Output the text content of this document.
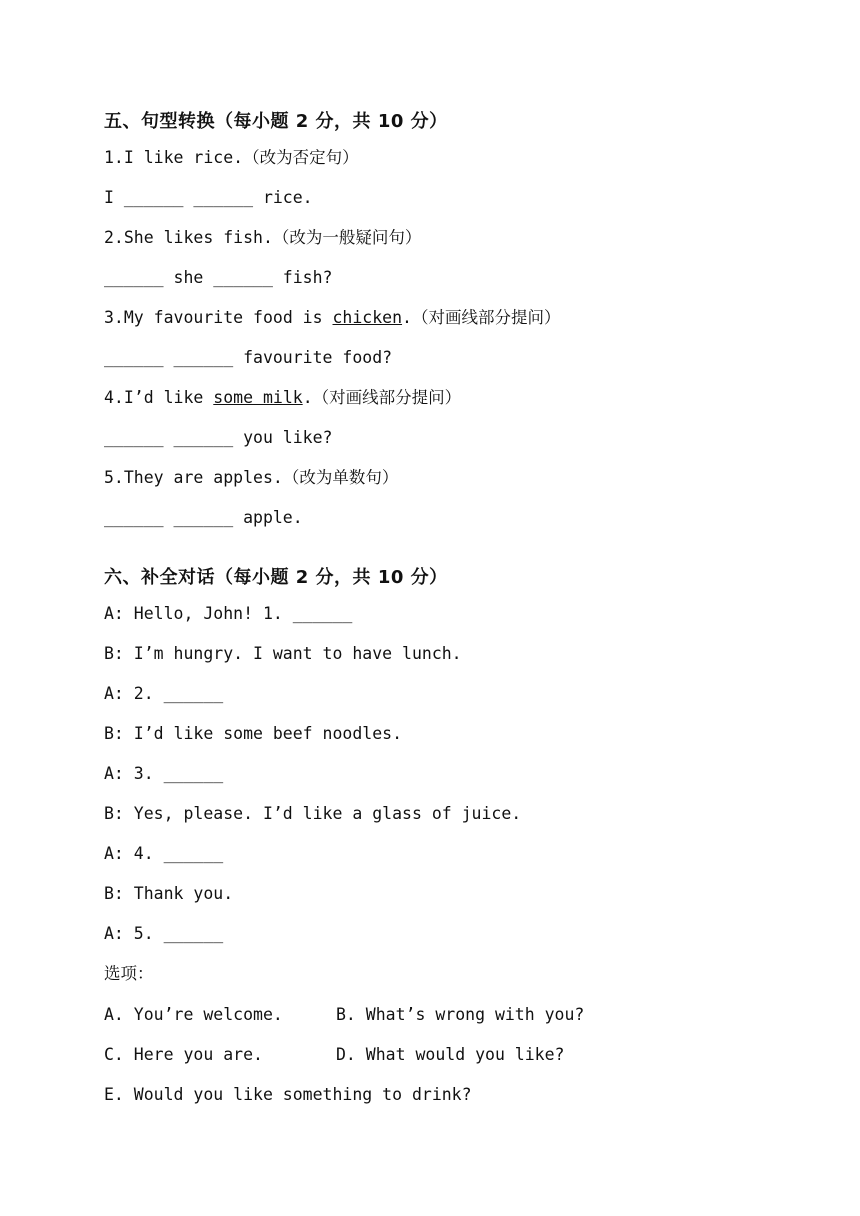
五、句型转换（每小题 2 分，共 10 分）
1.I like rice.（改为否定句）
I ______ ______ rice.
2.She likes fish.（改为一般疑问句）
______ she ______ fish?
3.My favourite food is chicken.（对画线部分提问）
______ ______ favourite food?
4.I’d like some milk.（对画线部分提问）
______ ______ you like?
5.They are apples.（改为单数句）
______ ______ apple.
六、补全对话（每小题 2 分，共 10 分）
A: Hello, John! 1. ______
B: I’m hungry. I want to have lunch.
A: 2. ______
B: I’d like some beef noodles.
A: 3. ______
B: Yes, please. I’d like a glass of juice.
A: 4. ______
B: Thank you.
A: 5. ______
选项：
A. You’re welcome.	B. What’s wrong with you?
C. Here you are.	D. What would you like?
E. Would you like something to drink?
